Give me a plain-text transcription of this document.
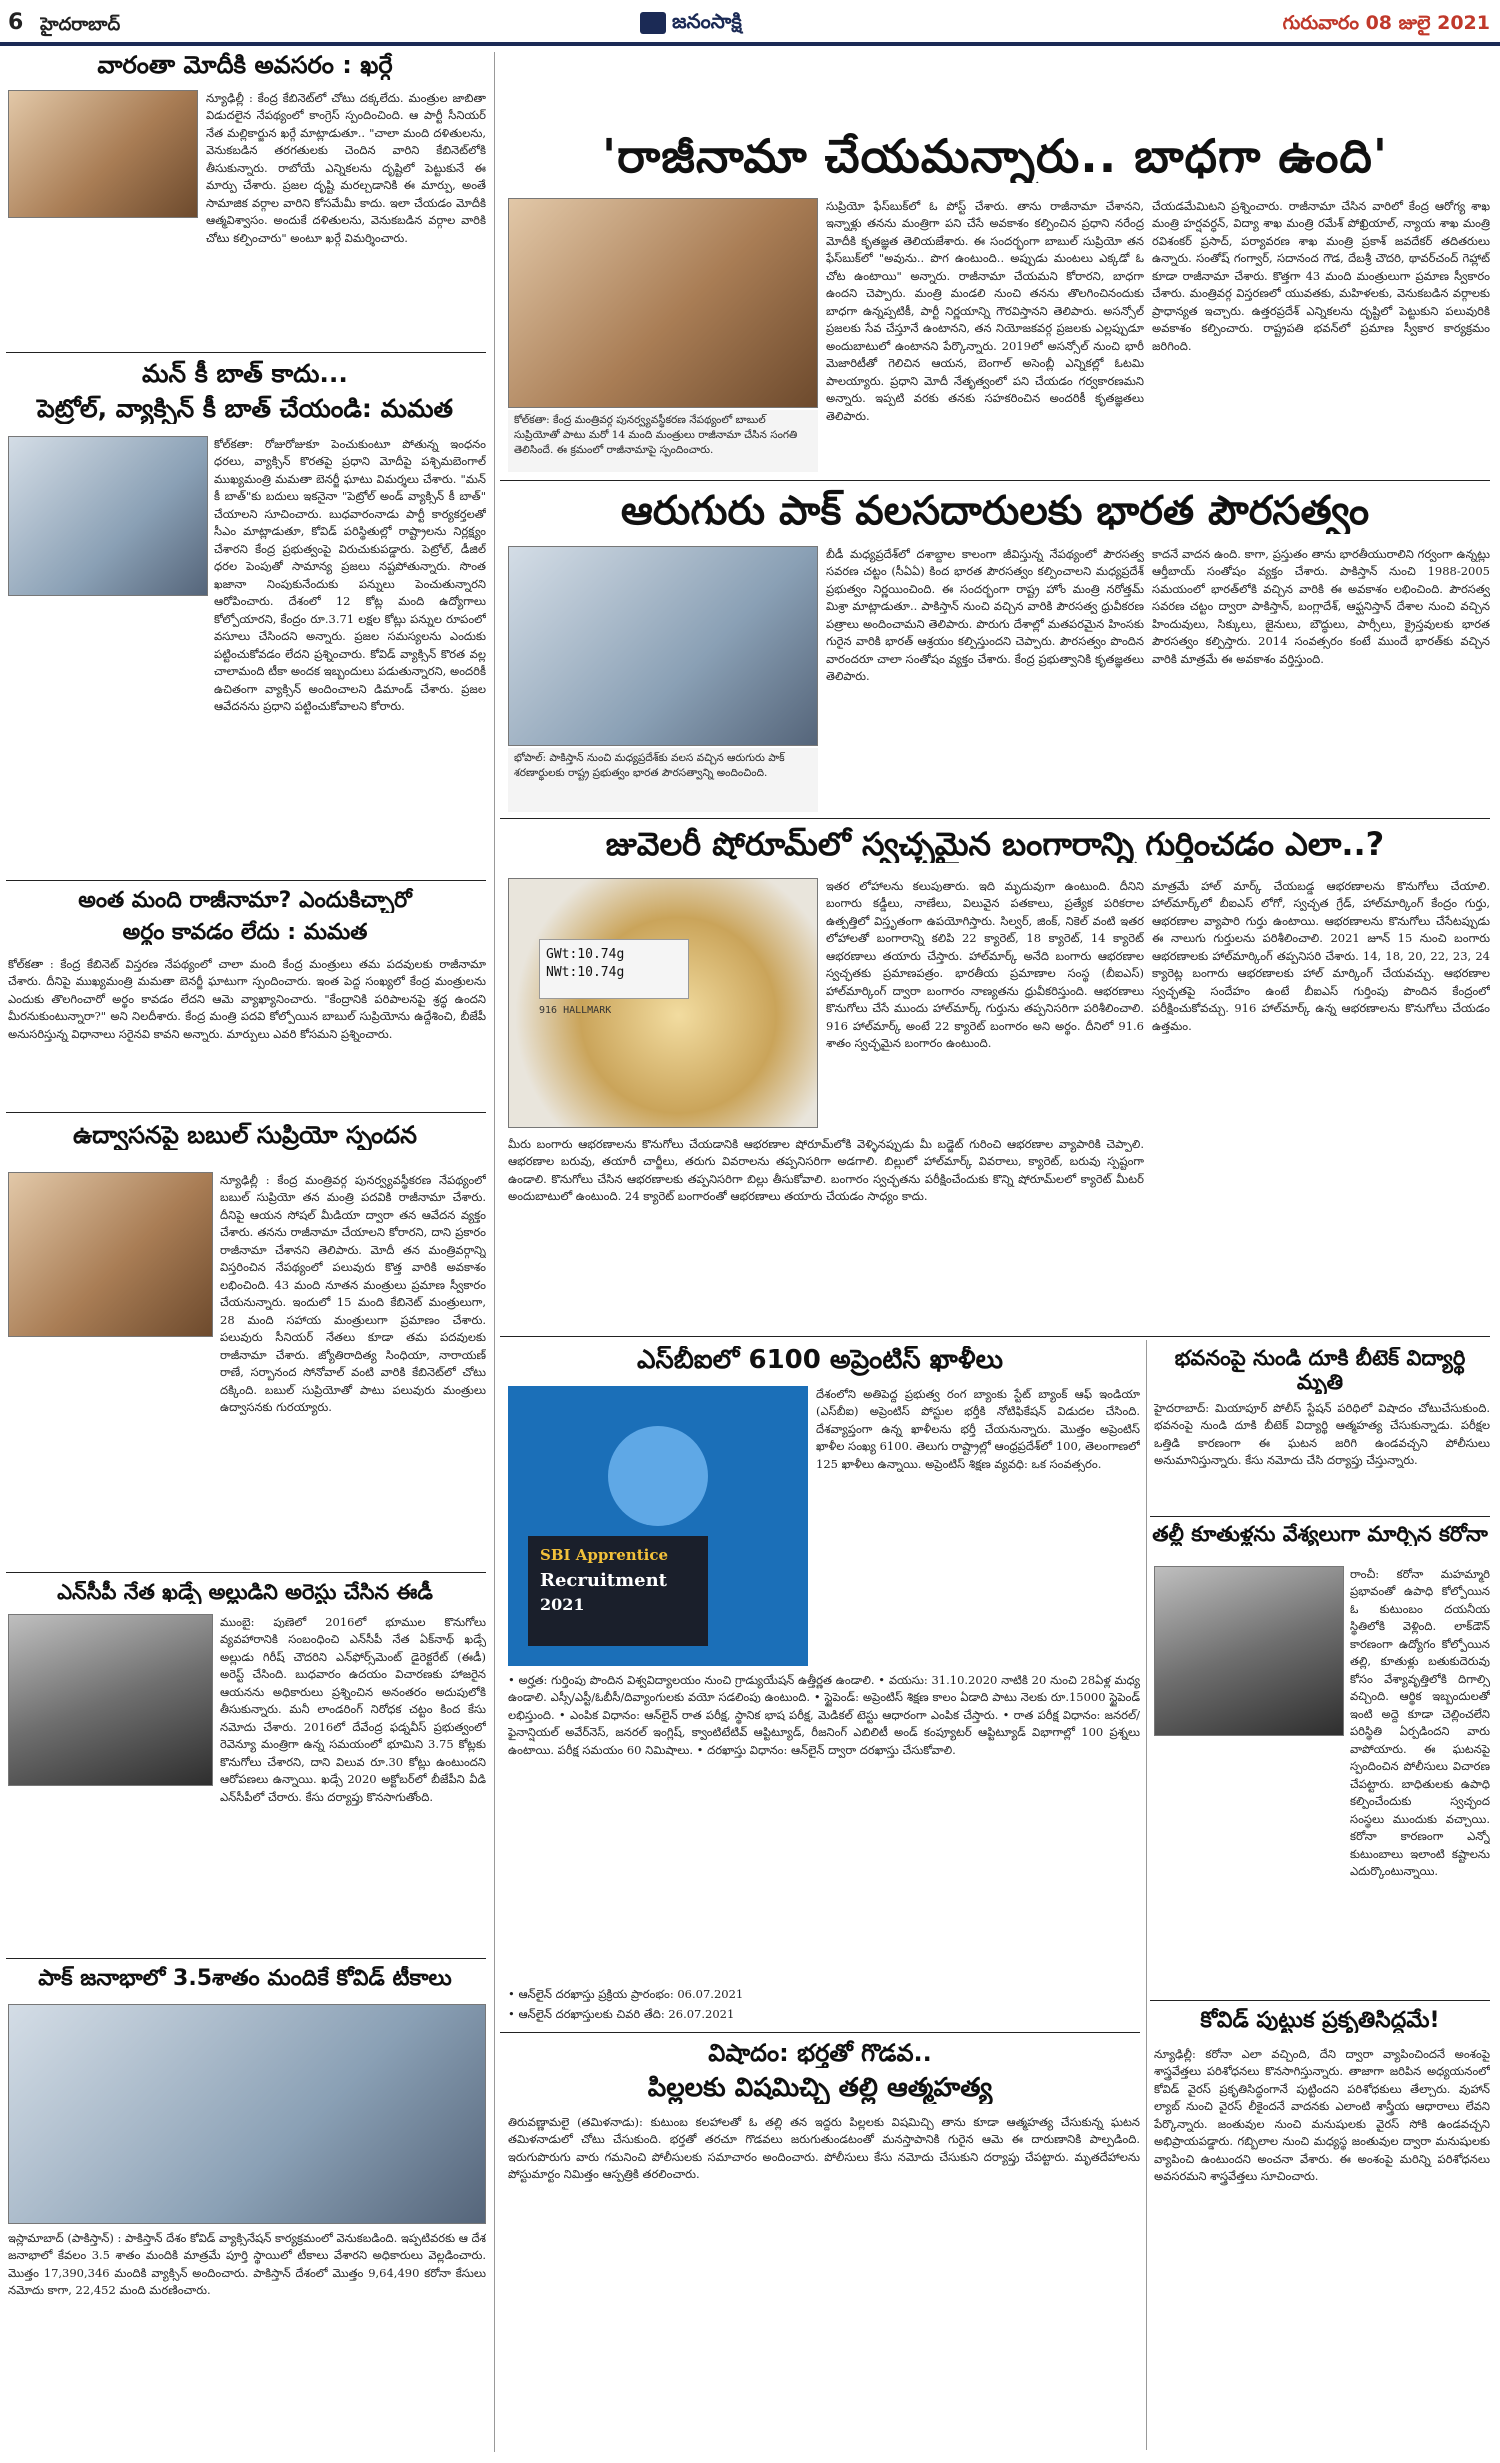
6 హైదరాబాద్	జనంసాక్షి	గురువారం 08 జులై 2021
వారంతా మోదీకి అవసరం : ఖర్గే
న్యూఢిల్లీ : కేంద్ర కేబినెట్‌లో చోటు దక్కలేదు. మంత్రుల జాబితా విడుదలైన నేపథ్యంలో కాంగ్రెస్ స్పందించింది. ఆ పార్టీ సీనియర్ నేత మల్లికార్జున ఖర్గే మాట్లాడుతూ.. "చాలా మంది దళితులను, వెనుకబడిన తరగతులకు చెందిన వారిని కేబినెట్‌లోకి తీసుకున్నారు. రాబోయే ఎన్నికలను దృష్టిలో పెట్టుకునే ఈ మార్పు చేశారు. ప్రజల దృష్టి మరల్చడానికి ఈ మార్పు, అంతే సామాజిక వర్గాల వారిని కోసమేమీ కాదు. ఇలా చేయడం మోదీకి ఆత్మవిశ్వాసం. అందుకే దళితులను, వెనుకబడిన వర్గాల వారికి చోటు కల్పించారు" అంటూ ఖర్గే విమర్శించారు.
మన్ కీ బాత్ కాదు...
పెట్రోల్, వ్యాక్సిన్ కీ బాత్ చేయండి: మమత
కోల్‌కతా: రోజురోజుకూ పెంచుకుంటూ పోతున్న ఇంధనం ధరలు, వ్యాక్సిన్ కొరతపై ప్రధాని మోదీపై పశ్చిమబెంగాల్ ముఖ్యమంత్రి మమతా బెనర్జీ ఘాటు విమర్శలు చేశారు. "మన్ కీ బాత్‌"కు బదులు ఇకనైనా "పెట్రోల్ అండ్ వ్యాక్సిన్ కీ బాత్" చేయాలని సూచించారు. బుధవారంనాడు పార్టీ కార్యకర్తలతో సీఎం మాట్లాడుతూ, కోవిడ్ పరిస్థితుల్లో రాష్ట్రాలను నిర్లక్ష్యం చేశారని కేంద్ర ప్రభుత్వంపై విరుచుకుపడ్డారు. పెట్రోల్, డీజిల్ ధరల పెంపుతో సామాన్య ప్రజలు నష్టపోతున్నారు. సొంత ఖజానా నింపుకునేందుకు పన్నులు పెంచుతున్నారని ఆరోపించారు. దేశంలో 12 కోట్ల మంది ఉద్యోగాలు కోల్పోయారని, కేంద్రం రూ.3.71 లక్షల కోట్లు పన్నుల రూపంలో వసూలు చేసిందని అన్నారు. ప్రజల సమస్యలను ఎందుకు పట్టించుకోవడం లేదని ప్రశ్నించారు. కోవిడ్ వ్యాక్సిన్ కొరత వల్ల చాలామంది టీకా అందక ఇబ్బందులు పడుతున్నారని, అందరికీ ఉచితంగా వ్యాక్సిన్ అందించాలని డిమాండ్ చేశారు. ప్రజల ఆవేదనను ప్రధాని పట్టించుకోవాలని కోరారు.
అంత మంది రాజీనామా? ఎందుకిచ్చారో
అర్థం కావడం లేదు : మమత
కోల్‌కతా : కేంద్ర కేబినెట్ విస్తరణ నేపథ్యంలో చాలా మంది కేంద్ర మంత్రులు తమ పదవులకు రాజీనామా చేశారు. దీనిపై ముఖ్యమంత్రి మమతా బెనర్జీ ఘాటుగా స్పందించారు. ఇంత పెద్ద సంఖ్యలో కేంద్ర మంత్రులను ఎందుకు తొలగించారో అర్థం కావడం లేదని ఆమె వ్యాఖ్యానించారు. "కేంద్రానికి పరిపాలనపై శ్రద్ధ ఉందని మీరనుకుంటున్నారా?" అని నిలదీశారు. కేంద్ర మంత్రి పదవి కోల్పోయిన బాబుల్ సుప్రియోను ఉద్దేశించి, బీజేపీ అనుసరిస్తున్న విధానాలు సరైనవి కావని అన్నారు. మార్పులు ఎవరి కోసమని ప్రశ్నించారు.
ఉద్వాసనపై బబుల్ సుప్రియో స్పందన
న్యూఢిల్లీ : కేంద్ర మంత్రివర్గ పునర్వ్యవస్థీకరణ నేపథ్యంలో బబుల్ సుప్రియో తన మంత్రి పదవికి రాజీనామా చేశారు. దీనిపై ఆయన సోషల్ మీడియా ద్వారా తన ఆవేదన వ్యక్తం చేశారు. తనను రాజీనామా చేయాలని కోరారని, దాని ప్రకారం రాజీనామా చేశానని తెలిపారు. మోదీ తన మంత్రివర్గాన్ని విస్తరించిన నేపథ్యంలో పలువురు కొత్త వారికి అవకాశం లభించింది. 43 మంది నూతన మంత్రులు ప్రమాణ స్వీకారం చేయనున్నారు. ఇందులో 15 మంది కేబినెట్ మంత్రులుగా, 28 మంది సహాయ మంత్రులుగా ప్రమాణం చేశారు. పలువురు సీనియర్ నేతలు కూడా తమ పదవులకు రాజీనామా చేశారు. జ్యోతిరాదిత్య సింధియా, నారాయణ్ రాణే, సర్బానంద సోనోవాల్ వంటి వారికి కేబినెట్‌లో చోటు దక్కింది. బబుల్ సుప్రియోతో పాటు పలువురు మంత్రులు ఉద్వాసనకు గురయ్యారు.
ఎన్‌సీపీ నేత ఖడ్సే అల్లుడిని అరెస్టు చేసిన ఈడీ
ముంబై: పుణెలో 2016లో భూముల కొనుగోలు వ్యవహారానికి సంబంధించి ఎన్‌సీపీ నేత ఏక్‌నాథ్ ఖడ్సే అల్లుడు గిరీష్ చౌదరిని ఎన్‌ఫోర్స్‌మెంట్ డైరెక్టరేట్ (ఈడీ) అరెస్ట్ చేసింది. బుధవారం ఉదయం విచారణకు హాజరైన ఆయనను అధికారులు ప్రశ్నించిన అనంతరం అదుపులోకి తీసుకున్నారు. మనీ లాండరింగ్ నిరోధక చట్టం కింద కేసు నమోదు చేశారు. 2016లో దేవేంద్ర ఫడ్నవీస్ ప్రభుత్వంలో రెవెన్యూ మంత్రిగా ఉన్న సమయంలో భూమిని 3.75 కోట్లకు కొనుగోలు చేశారని, దాని విలువ రూ.30 కోట్లు ఉంటుందని ఆరోపణలు ఉన్నాయి. ఖడ్సే 2020 అక్టోబర్‌లో బీజేపీని వీడి ఎన్‌సీపీలో చేరారు. కేసు దర్యాప్తు కొనసాగుతోంది.
పాక్ జనాభాలో 3.5శాతం మందికే కోవిడ్ టీకాలు
ఇస్లామాబాద్ (పాకిస్తాన్) : పాకిస్తాన్ దేశం కోవిడ్ వ్యాక్సినేషన్ కార్యక్రమంలో వెనుకబడింది. ఇప్పటివరకు ఆ దేశ జనాభాలో కేవలం 3.5 శాతం మందికి మాత్రమే పూర్తి స్థాయిలో టీకాలు వేశారని అధికారులు వెల్లడించారు. మొత్తం 17,390,346 మందికి వ్యాక్సిన్ అందించారు. పాకిస్తాన్ దేశంలో మొత్తం 9,64,490 కరోనా కేసులు నమోదు కాగా, 22,452 మంది మరణించారు.
'రాజీనామా చేయమన్నారు.. బాధగా ఉంది'
కోల్‌కతా: కేంద్ర మంత్రివర్గ పునర్వ్యవస్థీకరణ నేపథ్యంలో బాబుల్ సుప్రియోతో పాటు మరో 14 మంది మంత్రులు రాజీనామా చేసిన సంగతి తెలిసిందే. ఈ క్రమంలో రాజీనామాపై స్పందించారు.
సుప్రియో ఫేస్‌బుక్‌లో ఓ పోస్ట్ చేశారు. తాను రాజీనామా చేశానని, ఇన్నాళ్లు తనను మంత్రిగా పని చేసే అవకాశం కల్పించిన ప్రధాని నరేంద్ర మోదీకి కృతజ్ఞత తెలియజేశారు. ఈ సందర్భంగా బాబుల్ సుప్రియో తన ఫేస్‌బుక్‌లో "అవును.. పొగ ఉంటుంది.. అప్పుడు మంటలు ఎక్కడో ఓ చోట ఉంటాయి" అన్నారు. రాజీనామా చేయమని కోరారని, బాధగా ఉందని చెప్పారు. మంత్రి మండలి నుంచి తనను తొలగించినందుకు బాధగా ఉన్నప్పటికీ, పార్టీ నిర్ణయాన్ని గౌరవిస్తానని తెలిపారు. అసన్సోల్ ప్రజలకు సేవ చేస్తూనే ఉంటానని, తన నియోజకవర్గ ప్రజలకు ఎల్లప్పుడూ అందుబాటులో ఉంటానని పేర్కొన్నారు. 2019లో అసన్సోల్ నుంచి భారీ మెజారిటీతో గెలిచిన ఆయన, బెంగాల్ అసెంబ్లీ ఎన్నికల్లో ఓటమి పాలయ్యారు. ప్రధాని మోదీ నేతృత్వంలో పని చేయడం గర్వకారణమని అన్నారు. ఇప్పటి వరకు తనకు సహకరించిన అందరికీ కృతజ్ఞతలు తెలిపారు.
చేయడమేమిటని ప్రశ్నించారు. రాజీనామా చేసిన వారిలో కేంద్ర ఆరోగ్య శాఖ మంత్రి హర్షవర్ధన్, విద్యా శాఖ మంత్రి రమేశ్ పోఖ్రియాల్, న్యాయ శాఖ మంత్రి రవిశంకర్ ప్రసాద్, పర్యావరణ శాఖ మంత్రి ప్రకాశ్ జవదేకర్ తదితరులు ఉన్నారు. సంతోష్ గంగ్వార్, సదానంద గౌడ, దేబశ్రీ చౌదరి, థావర్‌చంద్ గెహ్లాట్ కూడా రాజీనామా చేశారు. కొత్తగా 43 మంది మంత్రులుగా ప్రమాణ స్వీకారం చేశారు. మంత్రివర్గ విస్తరణలో యువతకు, మహిళలకు, వెనుకబడిన వర్గాలకు ప్రాధాన్యత ఇచ్చారు. ఉత్తరప్రదేశ్ ఎన్నికలను దృష్టిలో పెట్టుకుని పలువురికి అవకాశం కల్పించారు. రాష్ట్రపతి భవన్‌లో ప్రమాణ స్వీకార కార్యక్రమం జరిగింది.
ఆరుగురు పాక్ వలసదారులకు భారత పౌరసత్వం
భోపాల్: పాకిస్తాన్ నుంచి మధ్యప్రదేశ్‌కు వలస వచ్చిన ఆరుగురు పాక్ శరణార్థులకు రాష్ట్ర ప్రభుత్వం భారత పౌరసత్వాన్ని అందించింది.
బీడీ మధ్యప్రదేశ్‌లో దశాబ్దాల కాలంగా జీవిస్తున్న నేపథ్యంలో పౌరసత్వ సవరణ చట్టం (సీఏఏ) కింద భారత పౌరసత్వం కల్పించాలని మధ్యప్రదేశ్ ప్రభుత్వం నిర్ణయించింది. ఈ సందర్భంగా రాష్ట్ర హోం మంత్రి నరోత్తమ్ మిశ్రా మాట్లాడుతూ.. పాకిస్తాన్ నుంచి వచ్చిన వారికి పౌరసత్వ ధ్రువీకరణ పత్రాలు అందించామని తెలిపారు. పొరుగు దేశాల్లో మతపరమైన హింసకు గురైన వారికి భారత్ ఆశ్రయం కల్పిస్తుందని చెప్పారు. పౌరసత్వం పొందిన వారందరూ చాలా సంతోషం వ్యక్తం చేశారు. కేంద్ర ప్రభుత్వానికి కృతజ్ఞతలు తెలిపారు.
కాదనే వాదన ఉంది. కాగా, ప్రస్తుతం తాను భారతీయురాలిని గర్వంగా ఉన్నట్లు ఆర్తీబాయ్ సంతోషం వ్యక్తం చేశారు. పాకిస్తాన్ నుంచి 1988-2005 సమయంలో భారత్‌లోకి వచ్చిన వారికి ఈ అవకాశం లభించింది. పౌరసత్వ సవరణ చట్టం ద్వారా పాకిస్తాన్, బంగ్లాదేశ్, ఆఫ్ఘనిస్తాన్ దేశాల నుంచి వచ్చిన హిందువులు, సిక్కులు, జైనులు, బౌద్ధులు, పార్సీలు, క్రైస్తవులకు భారత పౌరసత్వం కల్పిస్తారు. 2014 సంవత్సరం కంటే ముందే భారత్‌కు వచ్చిన వారికి మాత్రమే ఈ అవకాశం వర్తిస్తుంది.
జువెలరీ షోరూమ్‌లో స్వచ్ఛమైన బంగారాన్ని గుర్తించడం ఎలా..?
GWt:10.74g
NWt:10.74g
916 HALLMARK
ఇతర లోహాలను కలుపుతారు. ఇది మృదువుగా ఉంటుంది. దీనిని బంగారు కడ్డీలు, నాణేలు, విలువైన పతకాలు, ప్రత్యేక పరికరాల ఉత్పత్తిలో విస్తృతంగా ఉపయోగిస్తారు. సిల్వర్, జింక్, నికెల్ వంటి ఇతర లోహాలతో బంగారాన్ని కలిపి 22 క్యారెట్, 18 క్యారెట్, 14 క్యారెట్ ఆభరణాలు తయారు చేస్తారు. హాల్‌మార్క్ అనేది బంగారు ఆభరణాల స్వచ్ఛతకు ప్రమాణపత్రం. భారతీయ ప్రమాణాల సంస్థ (బీఐఎస్) హాల్‌మార్కింగ్ ద్వారా బంగారం నాణ్యతను ధ్రువీకరిస్తుంది. ఆభరణాలు కొనుగోలు చేసే ముందు హాల్‌మార్క్ గుర్తును తప్పనిసరిగా పరిశీలించాలి. 916 హాల్‌మార్క్ అంటే 22 క్యారెట్ బంగారం అని అర్థం. దీనిలో 91.6 శాతం స్వచ్ఛమైన బంగారం ఉంటుంది.
మీరు బంగారు ఆభరణాలను కొనుగోలు చేయడానికి ఆభరణాల షోరూమ్‌లోకి వెళ్ళినప్పుడు మీ బడ్జెట్ గురించి ఆభరణాల వ్యాపారికి చెప్పాలి. ఆభరణాల బరువు, తయారీ చార్జీలు, తరుగు వివరాలను తప్పనిసరిగా అడగాలి. బిల్లులో హాల్‌మార్క్ వివరాలు, క్యారెట్, బరువు స్పష్టంగా ఉండాలి. కొనుగోలు చేసిన ఆభరణాలకు తప్పనిసరిగా బిల్లు తీసుకోవాలి. బంగారం స్వచ్ఛతను పరీక్షించేందుకు కొన్ని షోరూమ్‌లలో క్యారెట్ మీటర్ అందుబాటులో ఉంటుంది. 24 క్యారెట్ బంగారంతో ఆభరణాలు తయారు చేయడం సాధ్యం కాదు.
మాత్రమే హాల్ మార్క్ చేయబడ్డ ఆభరణాలను కొనుగోలు చేయాలి. హాల్‌మార్క్‌లో బీఐఎస్ లోగో, స్వచ్ఛత గ్రేడ్, హాల్‌మార్కింగ్ కేంద్రం గుర్తు, ఆభరణాల వ్యాపారి గుర్తు ఉంటాయి. ఆభరణాలను కొనుగోలు చేసేటప్పుడు ఈ నాలుగు గుర్తులను పరిశీలించాలి. 2021 జూన్ 15 నుంచి బంగారు ఆభరణాలకు హాల్‌మార్కింగ్ తప్పనిసరి చేశారు. 14, 18, 20, 22, 23, 24 క్యారెట్ల బంగారు ఆభరణాలకు హాల్ మార్కింగ్ చేయవచ్చు. ఆభరణాల స్వచ్ఛతపై సందేహం ఉంటే బీఐఎస్ గుర్తింపు పొందిన కేంద్రంలో పరీక్షించుకోవచ్చు. 916 హాల్‌మార్క్ ఉన్న ఆభరణాలను కొనుగోలు చేయడం ఉత్తమం.
ఎస్‌బీఐలో 6100 అప్రెంటిస్ ఖాళీలు
SBI Apprentice
Recruitment
2021
దేశంలోని అతిపెద్ద ప్రభుత్వ రంగ బ్యాంకు స్టేట్ బ్యాంక్ ఆఫ్ ఇండియా (ఎస్‌బీఐ) అప్రెంటిస్ పోస్టుల భర్తీకి నోటిఫికేషన్ విడుదల చేసింది. దేశవ్యాప్తంగా ఉన్న ఖాళీలను భర్తీ చేయనున్నారు. మొత్తం అప్రెంటిస్ ఖాళీల సంఖ్య 6100. తెలుగు రాష్ట్రాల్లో ఆంధ్రప్రదేశ్‌లో 100, తెలంగాణలో 125 ఖాళీలు ఉన్నాయి. అప్రెంటిస్ శిక్షణ వ్యవధి: ఒక సంవత్సరం.
• అర్హత: గుర్తింపు పొందిన విశ్వవిద్యాలయం నుంచి గ్రాడ్యుయేషన్ ఉత్తీర్ణత ఉండాలి. • వయసు: 31.10.2020 నాటికి 20 నుంచి 28ఏళ్ల మధ్య ఉండాలి. ఎస్సీ/ఎస్టీ/ఓబీసీ/దివ్యాంగులకు వయో సడలింపు ఉంటుంది. • స్టైపెండ్: అప్రెంటిస్ శిక్షణ కాలం ఏడాది పాటు నెలకు రూ.15000 స్టైపెండ్ లభిస్తుంది. • ఎంపిక విధానం: ఆన్‌లైన్ రాత పరీక్ష, స్థానిక భాష పరీక్ష, మెడికల్ టెస్టు ఆధారంగా ఎంపిక చేస్తారు. • రాత పరీక్ష విధానం: జనరల్/ఫైనాన్షియల్ అవేర్‌నెస్, జనరల్ ఇంగ్లిష్, క్వాంటిటేటివ్ ఆప్టిట్యూడ్, రీజనింగ్ ఎబిలిటీ అండ్ కంప్యూటర్ ఆప్టిట్యూడ్ విభాగాల్లో 100 ప్రశ్నలు ఉంటాయి. పరీక్ష సమయం 60 నిమిషాలు. • దరఖాస్తు విధానం: ఆన్‌లైన్ ద్వారా దరఖాస్తు చేసుకోవాలి.
• ఆన్‌లైన్ దరఖాస్తు ప్రక్రియ ప్రారంభం: 06.07.2021
• ఆన్‌లైన్ దరఖాస్తులకు చివరి తేది: 26.07.2021
విషాదం: భర్తతో గొడవ..
పిల్లలకు విషమిచ్చి తల్లి ఆత్మహత్య
తిరువణ్ణామలై (తమిళనాడు): కుటుంబ కలహాలతో ఓ తల్లి తన ఇద్దరు పిల్లలకు విషమిచ్చి తాను కూడా ఆత్మహత్య చేసుకున్న ఘటన తమిళనాడులో చోటు చేసుకుంది. భర్తతో తరచూ గొడవలు జరుగుతుండటంతో మనస్తాపానికి గురైన ఆమె ఈ దారుణానికి పాల్పడింది. ఇరుగుపొరుగు వారు గమనించి పోలీసులకు సమాచారం అందించారు. పోలీసులు కేసు నమోదు చేసుకుని దర్యాప్తు చేపట్టారు. మృతదేహాలను పోస్టుమార్టం నిమిత్తం ఆస్పత్రికి తరలించారు.
భవనంపై నుండి దూకి బీటెక్ విద్యార్థి మృతి
హైదరాబాద్: మియాపూర్ పోలీస్ స్టేషన్ పరిధిలో విషాదం చోటుచేసుకుంది. భవనంపై నుండి దూకి బీటెక్ విద్యార్థి ఆత్మహత్య చేసుకున్నాడు. పరీక్షల ఒత్తిడి కారణంగా ఈ ఘటన జరిగి ఉండవచ్చని పోలీసులు అనుమానిస్తున్నారు. కేసు నమోదు చేసి దర్యాప్తు చేస్తున్నారు.
తల్లీ కూతుళ్లను వేశ్యలుగా మార్చిన కరోనా
రాంచీ: కరోనా మహమ్మారి ప్రభావంతో ఉపాధి కోల్పోయిన ఓ కుటుంబం దయనీయ స్థితిలోకి వెళ్లింది. లాక్‌డౌన్ కారణంగా ఉద్యోగం కోల్పోయిన తల్లి, కూతుళ్లు బతుకుదెరువు కోసం వేశ్యావృత్తిలోకి దిగాల్సి వచ్చింది. ఆర్థిక ఇబ్బందులతో ఇంటి అద్దె కూడా చెల్లించలేని పరిస్థితి ఏర్పడిందని వారు వాపోయారు. ఈ ఘటనపై స్పందించిన పోలీసులు విచారణ చేపట్టారు. బాధితులకు ఉపాధి కల్పించేందుకు స్వచ్ఛంద సంస్థలు ముందుకు వచ్చాయి. కరోనా కారణంగా ఎన్నో కుటుంబాలు ఇలాంటి కష్టాలను ఎదుర్కొంటున్నాయి.
కోవిడ్ పుట్టుక ప్రకృతిసిద్ధమే!
న్యూఢిల్లీ: కరోనా ఎలా వచ్చింది, దేని ద్వారా వ్యాపించిందనే అంశంపై శాస్త్రవేత్తలు పరిశోధనలు కొనసాగిస్తున్నారు. తాజాగా జరిపిన అధ్యయనంలో కోవిడ్ వైరస్ ప్రకృతిసిద్ధంగానే పుట్టిందని పరిశోధకులు తేల్చారు. వుహాన్ ల్యాబ్ నుంచి వైరస్ లీకైందనే వాదనకు ఎలాంటి శాస్త్రీయ ఆధారాలు లేవని పేర్కొన్నారు. జంతువుల నుంచి మనుషులకు వైరస్ సోకి ఉండవచ్చని అభిప్రాయపడ్డారు. గబ్బిలాల నుంచి మధ్యస్థ జంతువుల ద్వారా మనుషులకు వ్యాపించి ఉంటుందని అంచనా వేశారు. ఈ అంశంపై మరిన్ని పరిశోధనలు అవసరమని శాస్త్రవేత్తలు సూచించారు.
